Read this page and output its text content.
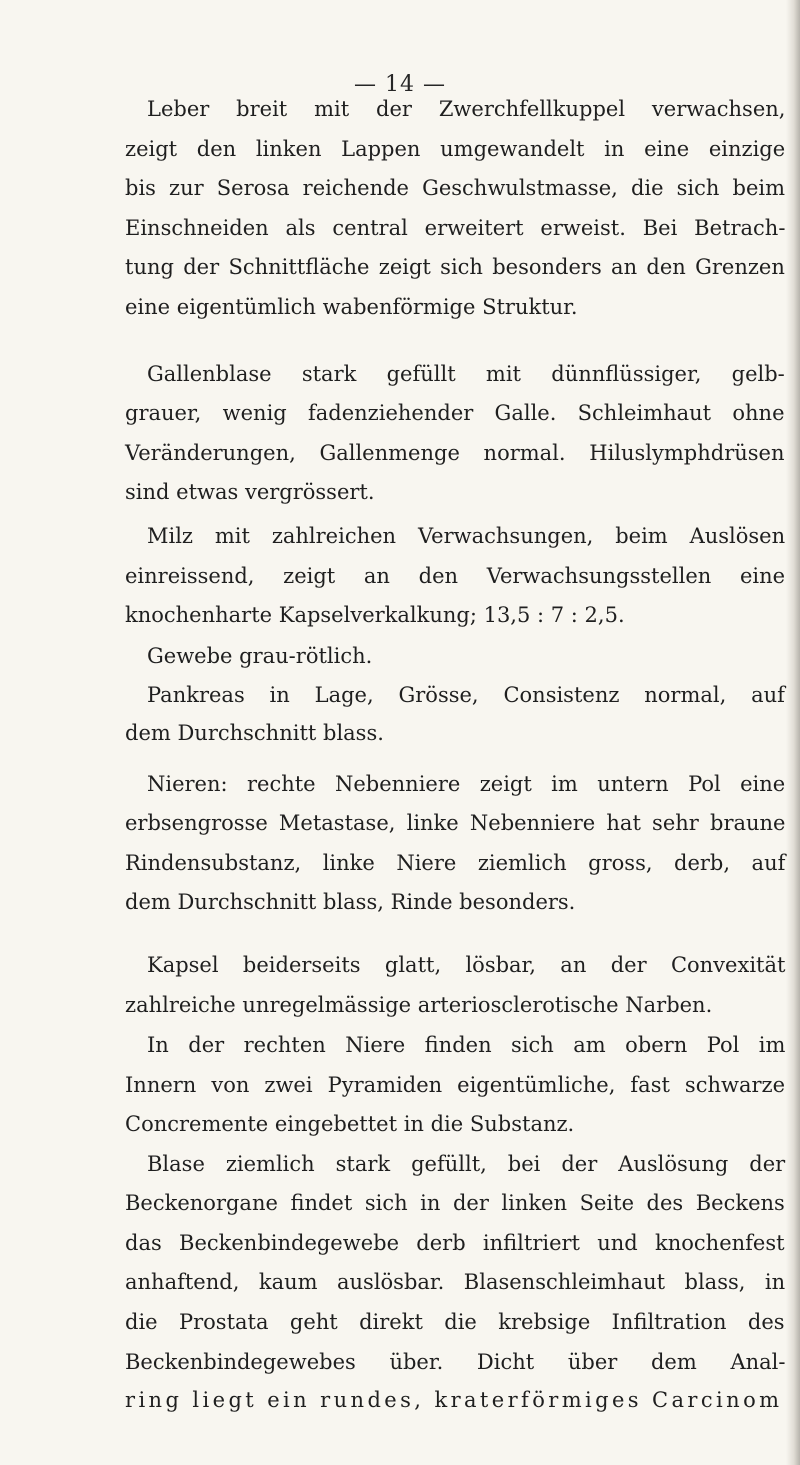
— 14 —
Leber breit mit der Zwerchfellkuppel verwachsen,
zeigt den linken Lappen umgewandelt in eine einzige
bis zur Serosa reichende Geschwulstmasse, die sich beim
Einschneiden als central erweitert erweist. Bei Betrach-
tung der Schnittfläche zeigt sich besonders an den Grenzen
eine eigentümlich wabenförmige Struktur.
Gallenblase stark gefüllt mit dünnflüssiger, gelb-
grauer, wenig fadenziehender Galle. Schleimhaut ohne
Veränderungen, Gallenmenge normal. Hiluslymphdrüsen
sind etwas vergrössert.
Milz mit zahlreichen Verwachsungen, beim Auslösen
einreissend, zeigt an den Verwachsungsstellen eine
knochenharte Kapselverkalkung; 13,5 : 7 : 2,5.
Gewebe grau-rötlich.
Pankreas in Lage, Grösse, Consistenz normal, auf
dem Durchschnitt blass.
Nieren: rechte Nebenniere zeigt im untern Pol eine
erbsengrosse Metastase, linke Nebenniere hat sehr braune
Rindensubstanz, linke Niere ziemlich gross, derb, auf
dem Durchschnitt blass, Rinde besonders.
Kapsel beiderseits glatt, lösbar, an der Convexität
zahlreiche unregelmässige arteriosclerotische Narben.
In der rechten Niere finden sich am obern Pol im
Innern von zwei Pyramiden eigentümliche, fast schwarze
Concremente eingebettet in die Substanz.
Blase ziemlich stark gefüllt, bei der Auslösung der
Beckenorgane findet sich in der linken Seite des Beckens
das Beckenbindegewebe derb infiltriert und knochenfest
anhaftend, kaum auslösbar. Blasenschleimhaut blass, in
die Prostata geht direkt die krebsige Infiltration des
Beckenbindegewebes über. Dicht über dem Anal-
ring liegt ein rundes, kraterförmiges Carcinom
